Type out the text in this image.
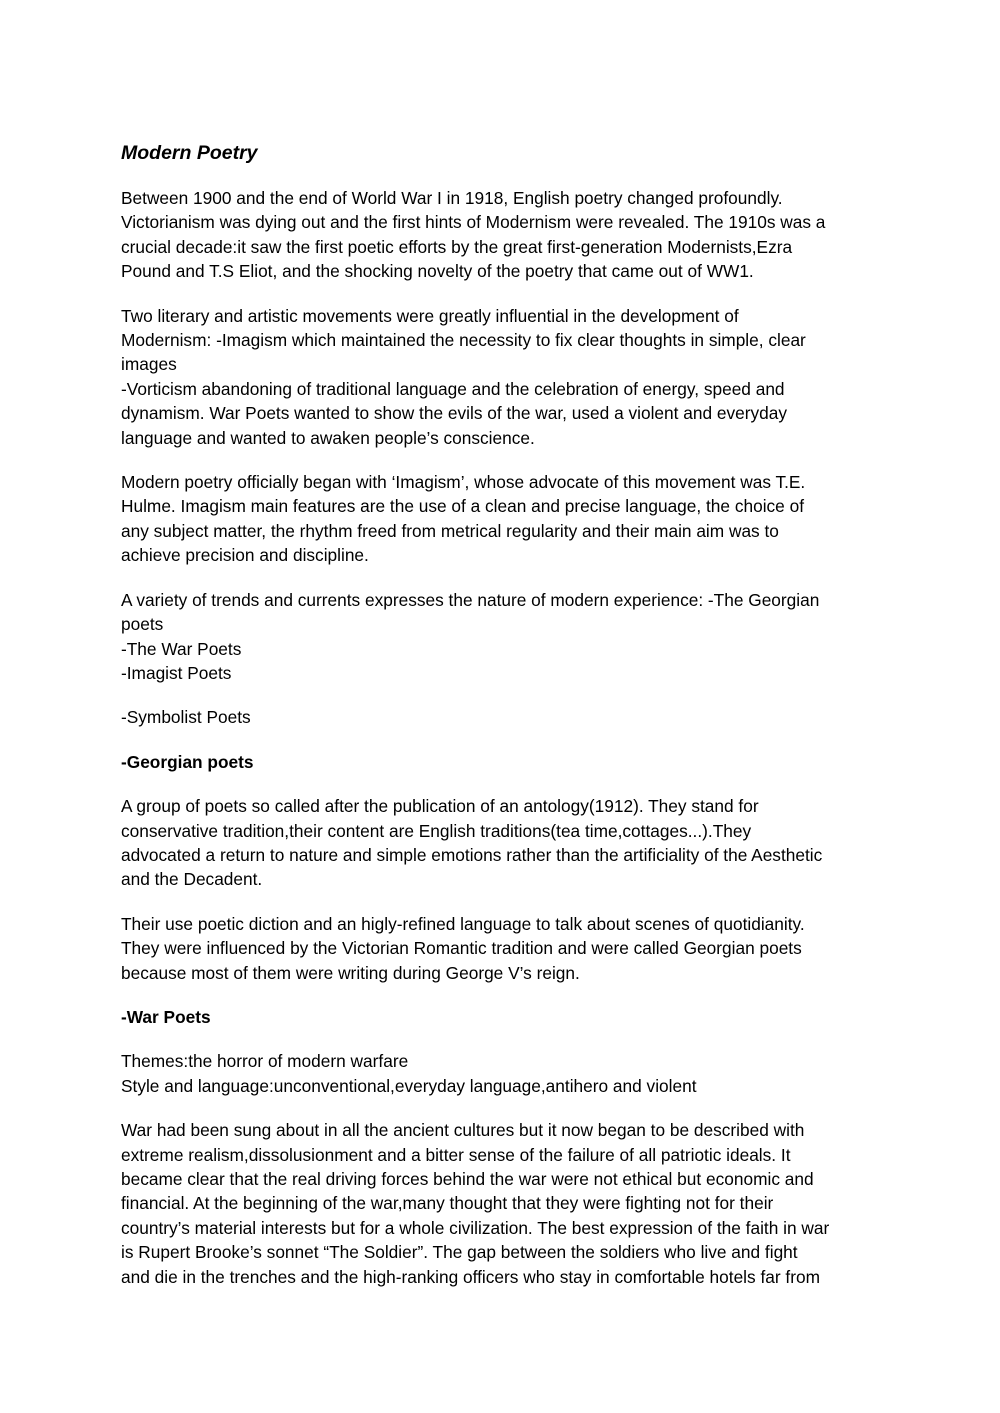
Modern Poetry
Between 1900 and the end of World War I in 1918, English poetry changed profoundly.
Victorianism was dying out and the first hints of Modernism were revealed. The 1910s was a
crucial decade:it saw the first poetic efforts by the great first-generation Modernists,Ezra
Pound and T.S Eliot, and the shocking novelty of the poetry that came out of WW1.
Two literary and artistic movements were greatly influential in the development of
Modernism: -Imagism which maintained the necessity to fix clear thoughts in simple, clear
images
-Vorticism abandoning of traditional language and the celebration of energy, speed and
dynamism. War Poets wanted to show the evils of the war, used a violent and everyday
language and wanted to awaken people’s conscience.
Modern poetry officially began with ‘Imagism’, whose advocate of this movement was T.E.
Hulme. Imagism main features are the use of a clean and precise language, the choice of
any subject matter, the rhythm freed from metrical regularity and their main aim was to
achieve precision and discipline.
A variety of trends and currents expresses the nature of modern experience: -The Georgian
poets
-The War Poets
-Imagist Poets
-Symbolist Poets
-Georgian poets
A group of poets so called after the publication of an antology(1912). They stand for
conservative tradition,their content are English traditions(tea time,cottages...).They
advocated a return to nature and simple emotions rather than the artificiality of the Aesthetic
and the Decadent.
Their use poetic diction and an higly-refined language to talk about scenes of quotidianity.
They were influenced by the Victorian Romantic tradition and were called Georgian poets
because most of them were writing during George V’s reign.
-War Poets
Themes:the horror of modern warfare
Style and language:unconventional,everyday language,antihero and violent
War had been sung about in all the ancient cultures but it now began to be described with
extreme realism,dissolusionment and a bitter sense of the failure of all patriotic ideals. It
became clear that the real driving forces behind the war were not ethical but economic and
financial. At the beginning of the war,many thought that they were fighting not for their
country’s material interests but for a whole civilization. The best expression of the faith in war
is Rupert Brooke’s sonnet “The Soldier”. The gap between the soldiers who live and fight
and die in the trenches and the high-ranking officers who stay in comfortable hotels far from
